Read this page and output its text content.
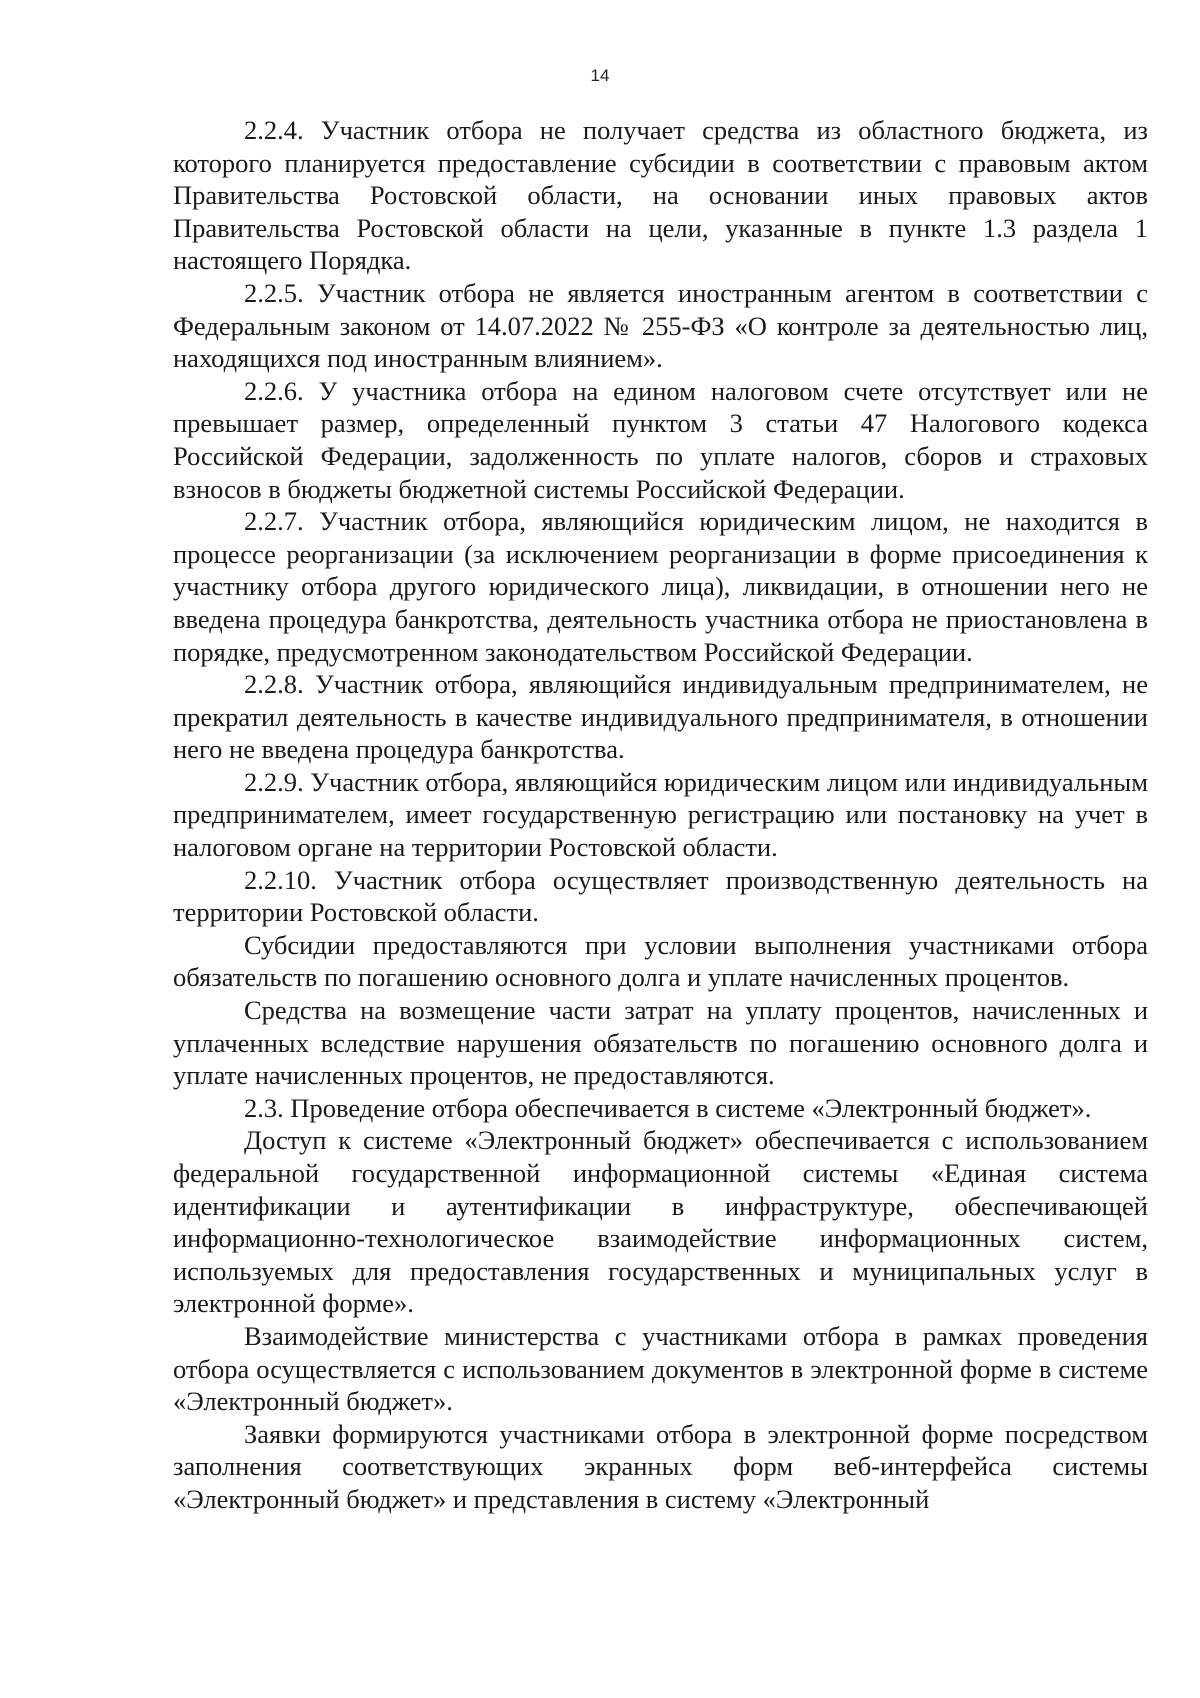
14

2.2.4. Участник отбора не получает средства из областного бюджета, из которого планируется предоставление субсидии в соответствии с правовым актом Правительства Ростовской области, на основании иных правовых актов Правительства Ростовской области на цели, указанные в пункте 1.3 раздела 1 настоящего Порядка.

2.2.5. Участник отбора не является иностранным агентом в соответствии с Федеральным законом от 14.07.2022 № 255-ФЗ «О контроле за деятельностью лиц, находящихся под иностранным влиянием».

2.2.6. У участника отбора на едином налоговом счете отсутствует или не превышает размер, определенный пунктом 3 статьи 47 Налогового кодекса Российской Федерации, задолженность по уплате налогов, сборов и страховых взносов в бюджеты бюджетной системы Российской Федерации.

2.2.7. Участник отбора, являющийся юридическим лицом, не находится в процессе реорганизации (за исключением реорганизации в форме присоединения к участнику отбора другого юридического лица), ликвидации, в отношении него не введена процедура банкротства, деятельность участника отбора не приостановлена в порядке, предусмотренном законодательством Российской Федерации.

2.2.8. Участник отбора, являющийся индивидуальным предпринимателем, не прекратил деятельность в качестве индивидуального предпринимателя, в отношении него не введена процедура банкротства.

2.2.9. Участник отбора, являющийся юридическим лицом или индивидуальным предпринимателем, имеет государственную регистрацию или постановку на учет в налоговом органе на территории Ростовской области.

2.2.10. Участник отбора осуществляет производственную деятельность на территории Ростовской области.

Субсидии предоставляются при условии выполнения участниками отбора обязательств по погашению основного долга и уплате начисленных процентов.

Средства на возмещение части затрат на уплату процентов, начисленных и уплаченных вследствие нарушения обязательств по погашению основного долга и уплате начисленных процентов, не предоставляются.

2.3. Проведение отбора обеспечивается в системе «Электронный бюджет».

Доступ к системе «Электронный бюджет» обеспечивается с использованием федеральной государственной информационной системы «Единая система идентификации и аутентификации в инфраструктуре, обеспечивающей информационно-технологическое взаимодействие информационных систем, используемых для предоставления государственных и муниципальных услуг в электронной форме».

Взаимодействие министерства с участниками отбора в рамках проведения отбора осуществляется с использованием документов в электронной форме в системе «Электронный бюджет».

Заявки формируются участниками отбора в электронной форме посредством заполнения соответствующих экранных форм веб-интерфейса системы «Электронный бюджет» и представления в систему «Электронный
